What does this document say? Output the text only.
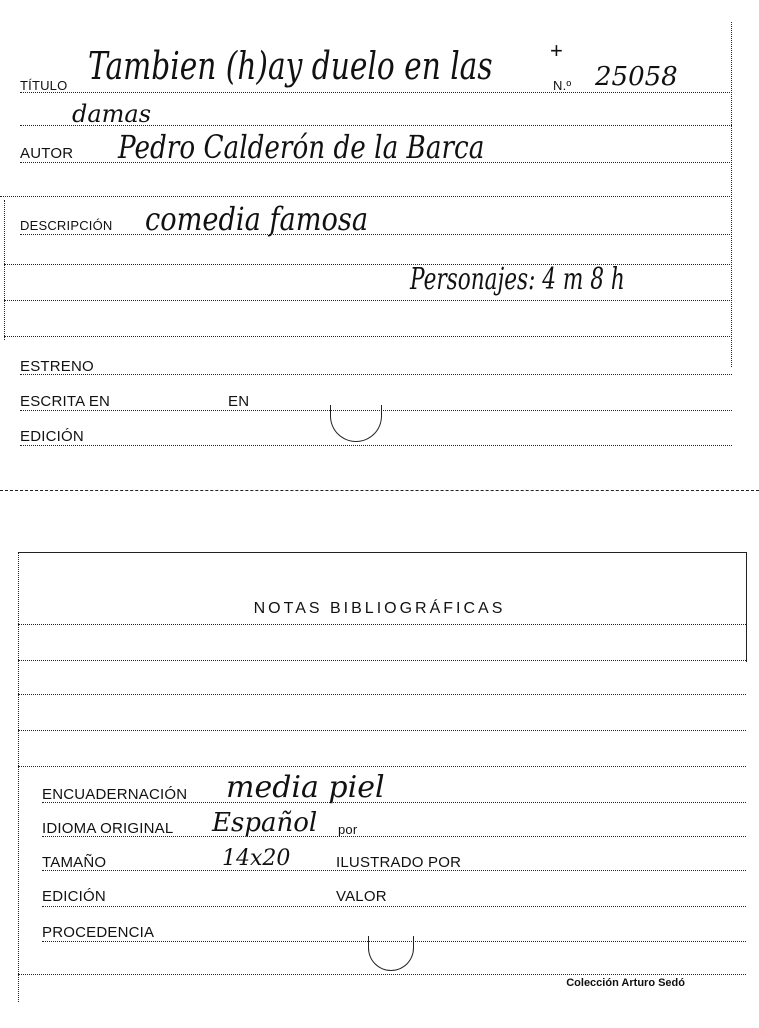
TÍTULO Tambien (h)ay duelo en las	+
N.º 25058
damas
AUTOR Pedro Calderón de la Barca
DESCRIPCIÓN comedia famosa
Personajes: 4 m 8 h
ESTRENO
ESCRITA EN	EN
EDICIÓN
NOTAS BIBLIOGRÁFICAS
ENCUADERNACIÓN media piel
IDIOMA ORIGINAL Español por
TAMAÑO	14x20	ILUSTRADO POR
EDICIÓN	VALOR
PROCEDENCIA
Colección Arturo Sedó
